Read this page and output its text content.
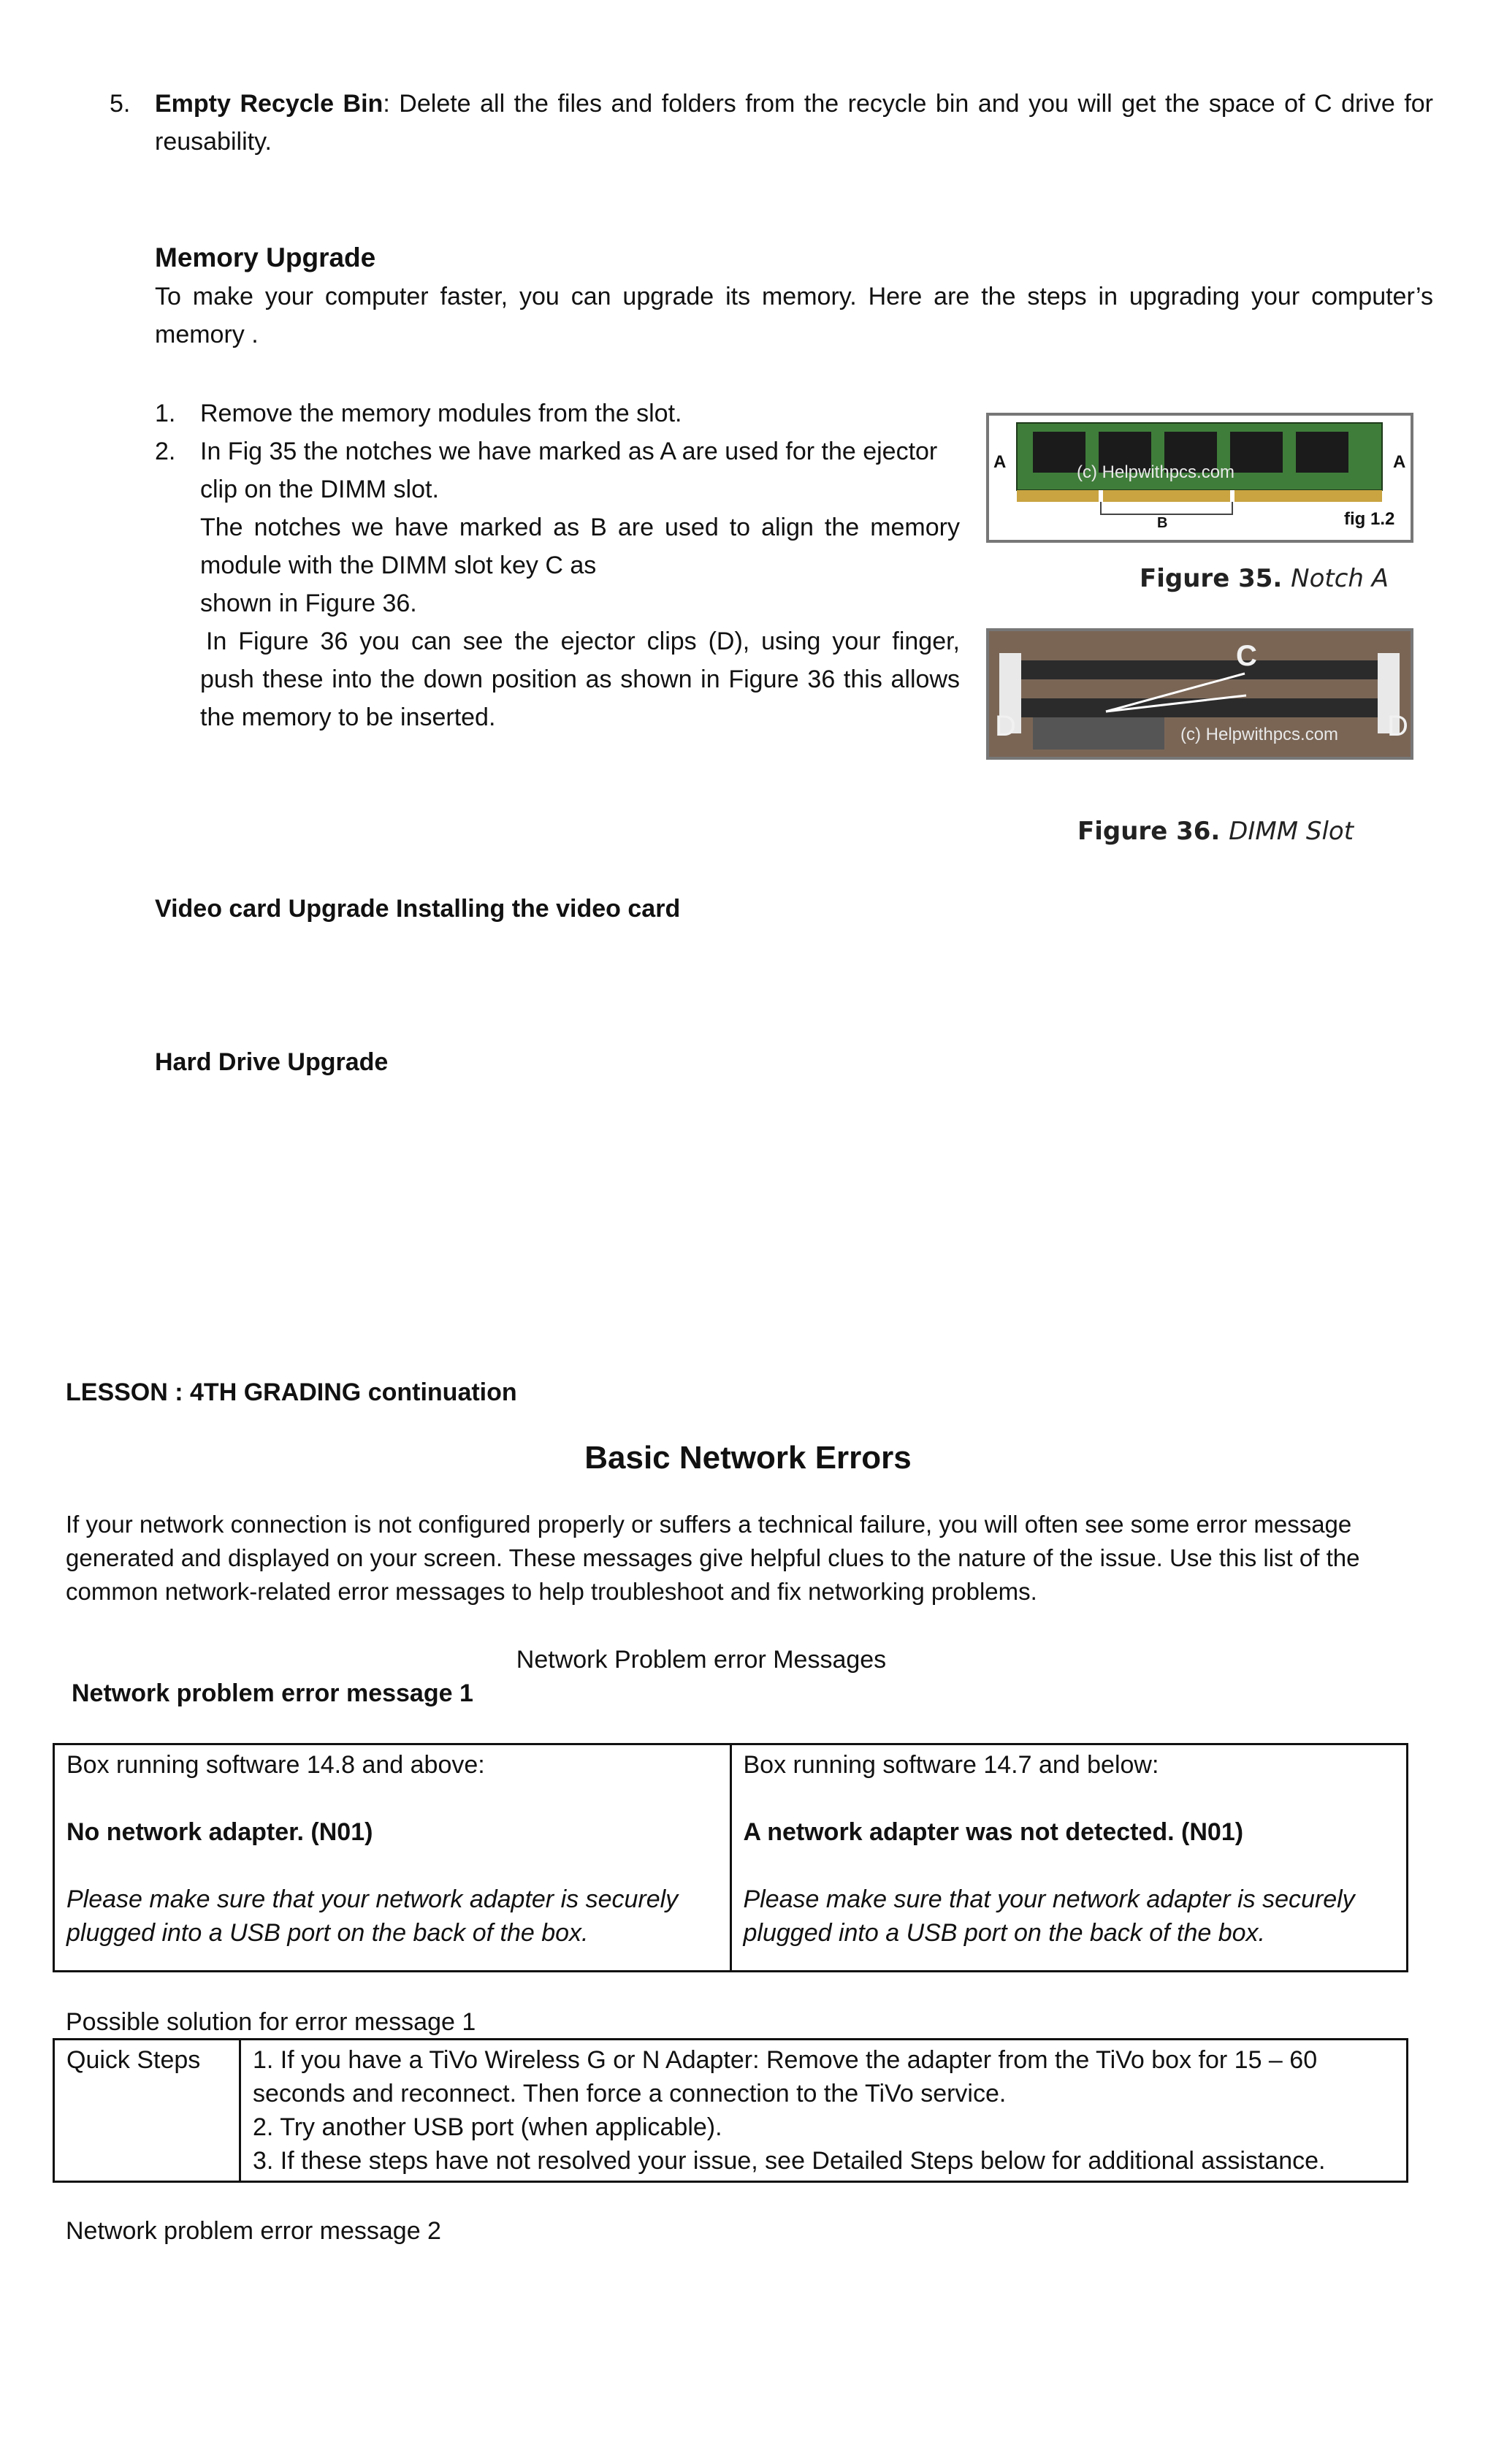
5. Empty Recycle Bin: Delete all the files and folders from the recycle bin and you will get the space of C drive for reusability.
Memory Upgrade
To make your computer faster, you can upgrade its memory. Here are the steps in upgrading your computer’s memory .
1. Remove the memory modules from the slot.
2. In Fig 35 the notches we have marked as A are used for the ejector clip on the DIMM slot.
The notches we have marked as B are used to align the memory module with the DIMM slot key C as
shown in Figure 36.
In Figure 36 you can see the ejector clips (D), using your finger, push these into the down position as shown in Figure 36 this allows the memory to be inserted.
(c) Helpwithpcs.com
A	A
B	fig 1.2
Figure 35. Notch A
C
D	D
(c) Helpwithpcs.com
Figure 36. DIMM Slot
Video card Upgrade Installing the video card
Hard Drive Upgrade
LESSON : 4TH GRADING continuation
Basic Network Errors
If your network connection is not configured properly or suffers a technical failure, you will often see some error message generated and displayed on your screen. These messages give helpful clues to the nature of the issue. Use this list of the common network-related error messages to help troubleshoot and fix networking problems.
Network Problem error Messages
Network problem error message 1
Box running software 14.8 and above:
No network adapter. (N01)
Please make sure that your network adapter is securely plugged into a USB port on the back of the box.

Box running software 14.7 and below:
A network adapter was not detected. (N01)
Please make sure that your network adapter is securely plugged into a USB port on the back of the box.
Possible solution for error message 1
Quick Steps	1. If you have a TiVo Wireless G or N Adapter: Remove the adapter from the TiVo box for 15 – 60 seconds and reconnect. Then force a connection to the TiVo service.
2. Try another USB port (when applicable).
3. If these steps have not resolved your issue, see Detailed Steps below for additional assistance.
Network problem error message 2
